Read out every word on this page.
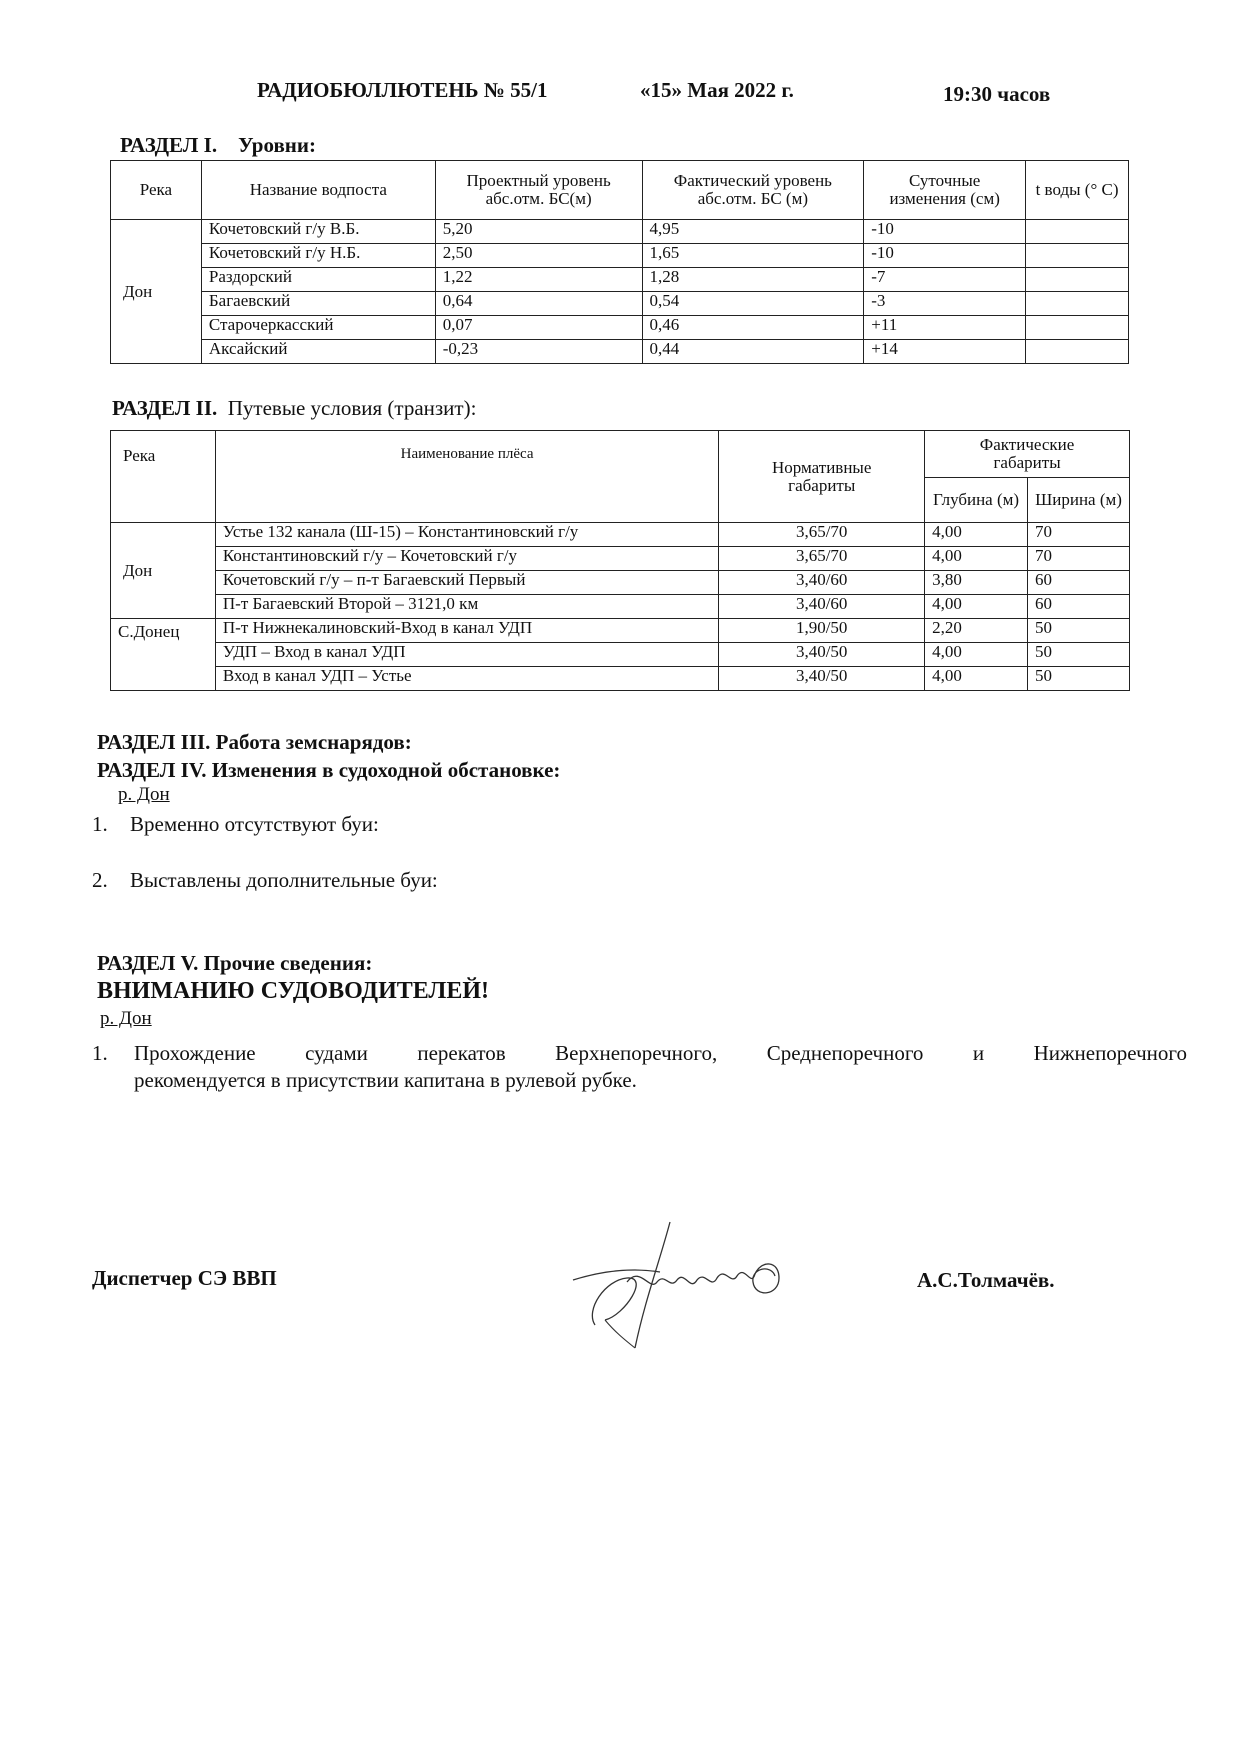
РАДИОБЮЛЛЮТЕНЬ № 55/1	«15» Мая 2022 г.	19:30 часов
РАЗДЕЛ I. Уровни:
Река	Название водпоста	Проектный уровень абс.отм. БС(м)	Фактический уровень абс.отм. БС (м)	Суточные изменения (см)	t воды (° С)
Дон	Кочетовский г/у В.Б.	5,20	4,95	-10	
	Кочетовский г/у Н.Б.	2,50	1,65	-10	
	Раздорский	1,22	1,28	-7	
	Багаевский	0,64	0,54	-3	
	Старочеркасский	0,07	0,46	+11	
	Аксайский	-0,23	0,44	+14	
РАЗДЕЛ II. Путевые условия (транзит):
Река	Наименование плёса	Нормативные габариты	Фактические габариты	
			Глубина (м)	Ширина (м)
Дон	Устье 132 канала (Ш-15) – Константиновский г/у	3,65/70	4,00	70
	Константиновский г/у – Кочетовский г/у	3,65/70	4,00	70
	Кочетовский г/у – п-т Багаевский Первый	3,40/60	3,80	60
	П-т Багаевский Второй – 3121,0 км	3,40/60	4,00	60
С.Донец	П-т Нижнекалиновский-Вход в канал УДП	1,90/50	2,20	50
	УДП – Вход в канал УДП	3,40/50	4,00	50
	Вход в канал УДП – Устье	3,40/50	4,00	50
РАЗДЕЛ III. Работа земснарядов:
РАЗДЕЛ IV. Изменения в судоходной обстановке:
р. Дон
1. Временно отсутствуют буи:
2. Выставлены дополнительные буи:
РАЗДЕЛ V. Прочие сведения:
ВНИМАНИЮ СУДОВОДИТЕЛЕЙ!
р. Дон
1.	Прохождение судами перекатов Верхнепоречного, Среднепоречного и Нижнепоречного
рекомендуется в присутствии капитана в рулевой рубке.
Диспетчер СЭ ВВП	А.С.Толмачёв.
